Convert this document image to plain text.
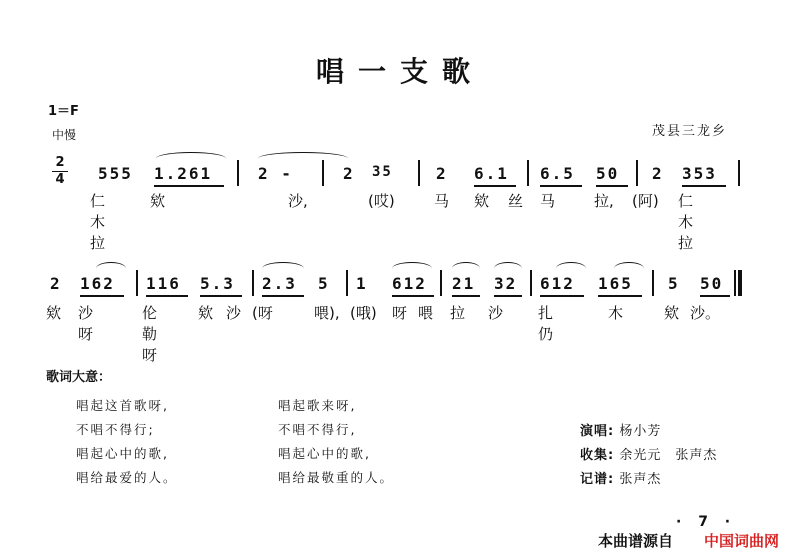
唱一支歌
1＝F
中慢	茂县三龙乡
2
4	555 1.261	2 -	2 35	2 6.1 6.5 50 2 353
仁木拉
欸	沙,	(哎)	马 欸 丝 马	拉, (阿) 仁木拉
2 162 116 5.3 2.3 5 1 612 21 32 612 165 5 50
欸 沙呀
伦勒呀
欸 沙 (呀	喂), (哦) 呀 喂 拉 沙 扎仍
木	欸 沙。
歌词大意：
唱起这首歌呀,
不唱不得行;
唱起心中的歌,
唱给最爱的人。
唱起歌来呀,
不唱不得行,
唱起心中的歌,
唱给最敬重的人。
演唱: 杨小芳
收集: 余光元　张声杰
记谱: 张声杰
· 7 ·
本曲谱源自 中国词曲网
